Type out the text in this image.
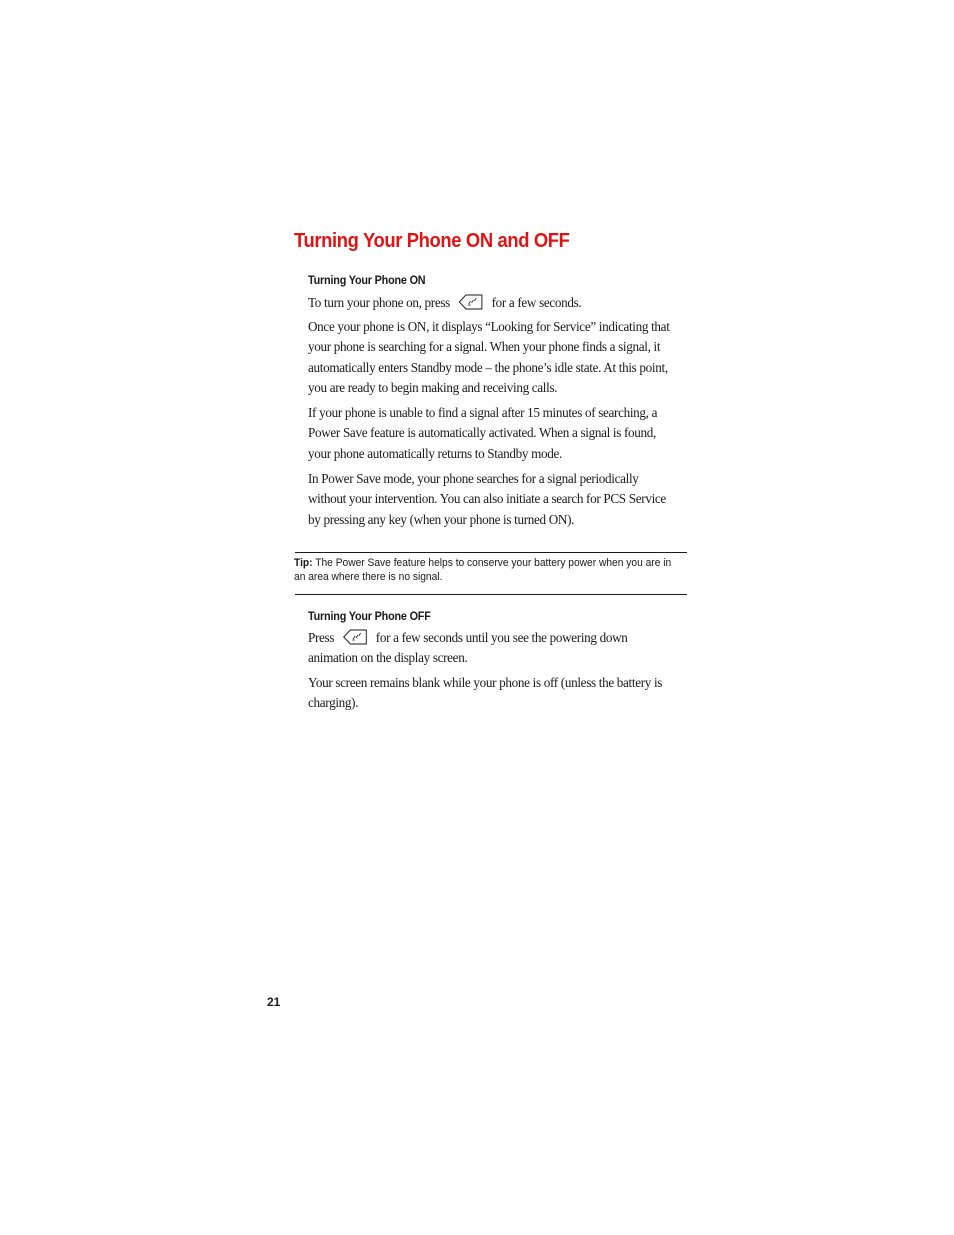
Turning Your Phone ON and OFF
Turning Your Phone ON

To turn your phone on, press	for a few seconds.

Once your phone is ON, it displays “Looking for Service” indicating that your phone is searching for a signal. When your phone finds a signal, it automatically enters Standby mode – the phone’s idle state. At this point, you are ready to begin making and receiving calls.

If your phone is unable to find a signal after 15 minutes of searching, a Power Save feature is automatically activated. When a signal is found, your phone automatically returns to Standby mode.

In Power Save mode, your phone searches for a signal periodically without your intervention. You can also initiate a search for PCS Service by pressing any key (when your phone is turned ON).

Tip: The Power Save feature helps to conserve your battery power when you are in an area where there is no signal.

Turning Your Phone OFF

Press	for a few seconds until you see the powering down animation on the display screen.

Your screen remains blank while your phone is off (unless the battery is charging).

21
